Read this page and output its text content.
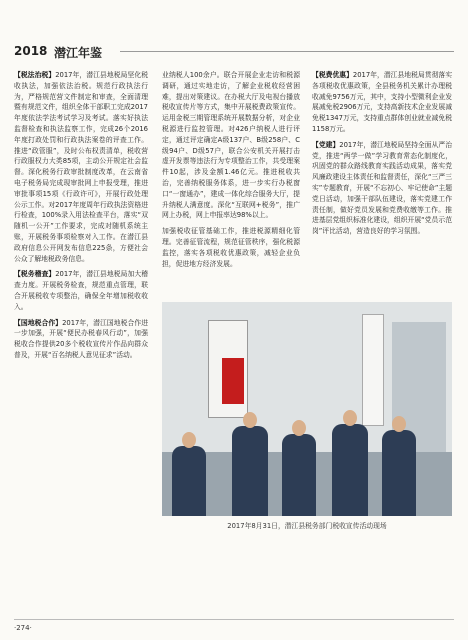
2018 潜江年鉴

【税法治税】2017年，潜江县地税局坚化税收执法，加强依法治税。规范行政执法行为，严格规范营文件制定和审查，全面清理暨有规范文件，组织全体干部职工完成2017年度依法学法考试学习及考试。落实好执法监督检查和执法监察工作，完成26个2016年度打政处罚和行政执法案卷的评查工作。推进“政管服”，及时公布权责清单，税收营行政服权力大类85项，主动公开规定社会监督。深化税务行政审批制度改革，在云南省电子税务局完成现审批网上申报受理，推进审批事项15项《行政许可》，开展行政处理公示工作。对2017年度周年行政执法资格进行检查，100%录入用法检查平台，落实“双随机一公开”工作要求，完成对随机系统主账，开展税务事项检察对入工作。在潜江县政府信息公开网发布信息225条，方便社会公众了解地税政务信息。

【税务稽查】2017年，潜江县地税局加大稽查力度。开展税务检查，规范重点管理，联合开展税收专项整治，确保全年增加税收收入。

【国地税合作】2017年，潜江国地税合作进一步加强，开展“便民办税春风行动”，加强税收合作提供20多个税收宣传片作品向群众普及，开展“百名纳税人意见征求”活动。

业纳税人100余户。联合开展企业走访和税源调研，通过实地走访，了解企业税收经营困难，提出对策建议。在办税大厅及电视台播放税收宣传片等方式，集中开展税费政策宣传。运用金税三期管理系统开展数据分析，对企业税源进行监控管理。对426户纳税人进行评定，通过评定确定A级137户、B级258户、C级94户、D级57户，联合公安机关开展打击虚开发票等违法行为专项整治工作，共受理案件10起，涉及金额1.46亿元。推进税收共治，完善纳税服务体系，进一步实行办税窗口“一窗通办”，建成一体化综合服务大厅，提升纳税人满意度。深化“互联网+税务”，推广网上办税，网上申报率达98%以上。

加强税收征管基础工作，推进税源精细化管理。完善征管流程，规范征管秩序，强化税源监控，落实各项税收优惠政策，减轻企业负担，促进地方经济发展。

【税费优惠】2017年，潜江县地税局贯彻落实各项税收优惠政策，全县税务机关累计办理税收减免9756万元，其中，支持小型微利企业发展减免税2906万元，支持高新技术企业发展减免税1347万元，支持重点群体创业就业减免税1158万元。

【党建】2017年，潜江地税局坚持全面从严治党，推进“两学一做”学习教育常态化制度化，巩固党的群众路线教育实践活动成果，落实党风廉政建设主体责任和监督责任，深化“三严三实”专题教育，开展“不忘初心、牢记使命”主题党日活动，加强干部队伍建设，落实党建工作责任制，做好党员发展和党费收缴等工作。推进基层党组织标准化建设，组织开展“党员示范岗”评比活动，营造良好的学习氛围。

2017年8月31日，潜江县税务部门税收宣传活动现场
·274·
